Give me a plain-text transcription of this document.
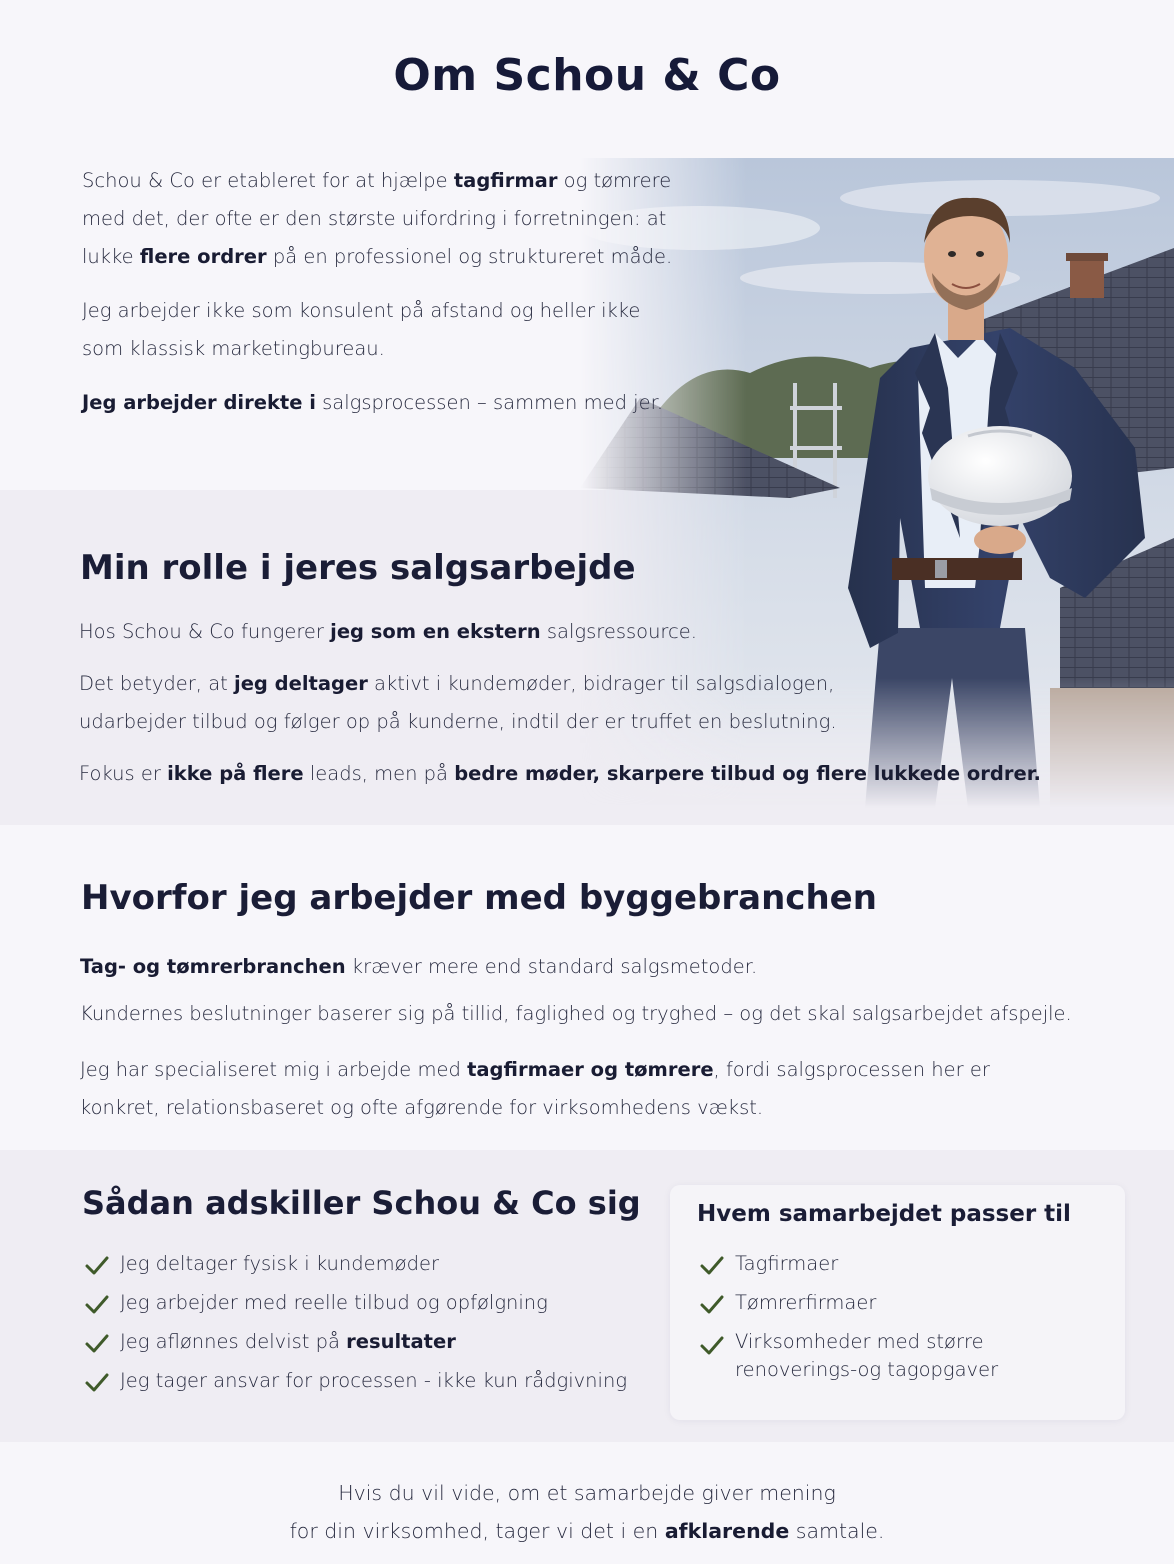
Om Schou & Co
Schou & Co er etableret for at hjælpe tagfirmar og tømrere
med det, der ofte er den største uifordring i forretningen: at
lukke flere ordrer på en professionel og struktureret måde.
Jeg arbejder ikke som konsulent på afstand og heller ikke
som klassisk marketingbureau.
Jeg arbejder direkte i salgsprocessen – sammen med jer.
Min rolle i jeres salgsarbejde
Hos Schou & Co fungerer jeg som en ekstern salgsressource.
Det betyder, at jeg deltager aktivt i kundemøder, bidrager til salgsdialogen,
udarbejder tilbud og følger op på kunderne, indtil der er truffet en beslutning.
Fokus er ikke på flere leads, men på bedre møder, skarpere tilbud og flere lukkede ordrer.
Hvorfor jeg arbejder med byggebranchen
Tag- og tømrerbranchen kræver mere end standard salgsmetoder.
Kundernes beslutninger baserer sig på tillid, faglighed og tryghed – og det skal salgsarbejdet afspejle.
Jeg har specialiseret mig i arbejde med tagfirmaer og tømrere, fordi salgsprocessen her er
konkret, relationsbaseret og ofte afgørende for virksomhedens vækst.
Sådan adskiller Schou & Co sig
Jeg deltager fysisk i kundemøder
Jeg arbejder med reelle tilbud og opfølgning
Jeg aflønnes delvist på resultater
Jeg tager ansvar for processen - ikke kun rådgivning
Hvem samarbejdet passer til
Tagfirmaer
Tømrerfirmaer
Virksomheder med større
renoverings-og tagopgaver
Hvis du vil vide, om et samarbejde giver mening
for din virksomhed, tager vi det i en afklarende samtale.
